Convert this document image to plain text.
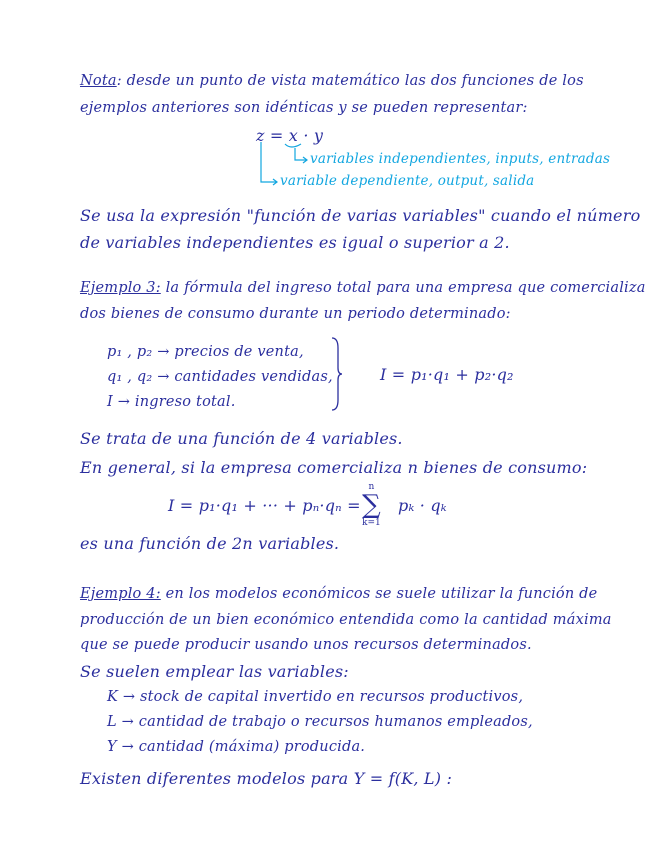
Nota: desde un punto de vista matemático las dos funciones de los
ejemplos anteriores son idénticas y se pueden representar:
z = x · y
variables independientes, inputs, entradas
variable dependiente, output, salida
Se usa la expresión "función de varias variables" cuando el número
de variables independientes es igual o superior a 2.
Ejemplo 3: la fórmula del ingreso total para una empresa que comercializa
dos bienes de consumo durante un periodo determinado:
p₁ , p₂ → precios de venta,
q₁ , q₂ → cantidades vendidas,
I → ingreso total.
I = p₁·q₁ + p₂·q₂
Se trata de una función de 4 variables.
En general, si la empresa comercializa n bienes de consumo:
I = p₁·q₁ + ··· + pₙ·qₙ =
n
∑
k=1
pₖ · qₖ
es una función de 2n variables.
Ejemplo 4: en los modelos económicos se suele utilizar la función de
producción de un bien económico entendida como la cantidad máxima
que se puede producir usando unos recursos determinados.
Se suelen emplear las variables:
K → stock de capital invertido en recursos productivos,
L → cantidad de trabajo o recursos humanos empleados,
Y → cantidad (máxima) producida.
Existen diferentes modelos para Y = f(K, L) :
